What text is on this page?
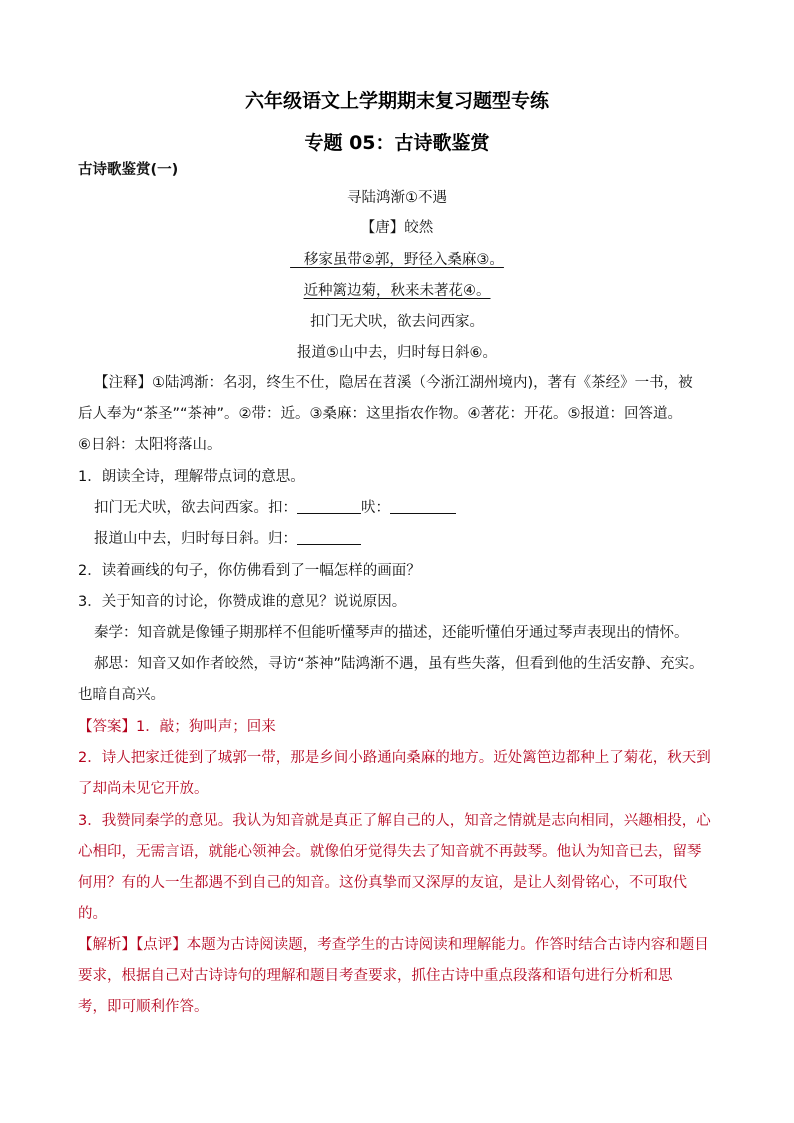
六年级语文上学期期末复习题型专练
专题 05：古诗歌鉴赏
古诗歌鉴赏(一)
寻陆鸿渐①不遇
【唐】皎然
移家虽带②郭，野径入桑麻③。
近种篱边菊，秋来未著花④。
扣门无犬吠，欲去问西家。
报道⑤山中去，归时每日斜⑥。
【注释】①陆鸿渐：名羽，终生不仕，隐居在苕溪（今浙江湖州境内)，著有《茶经》一书，被
后人奉为“茶圣”“茶神”。②带：近。③桑麻：这里指农作物。④著花：开花。⑤报道：回答道。
⑥日斜：太阳将落山。
1．朗读全诗，理解带点词的意思。
扣门无犬吠，欲去问西家。扣：	吠：
报道山中去，归时每日斜。归：
2．读着画线的句子，你仿佛看到了一幅怎样的画面？
3．关于知音的讨论，你赞成谁的意见？说说原因。
秦学：知音就是像锺子期那样不但能听懂琴声的描述，还能听懂伯牙通过琴声表现出的情怀。
郝思：知音又如作者皎然，寻访“茶神”陆鸿渐不遇，虽有些失落，但看到他的生活安静、充实。
也暗自高兴。
【答案】1．敲；狗叫声；回来
2．诗人把家迁徙到了城郭一带，那是乡间小路通向桑麻的地方。近处篱笆边都种上了菊花，秋天到
了却尚未见它开放。
3．我赞同秦学的意见。我认为知音就是真正了解自己的人，知音之情就是志向相同，兴趣相投，心
心相印，无需言语，就能心领神会。就像伯牙觉得失去了知音就不再鼓琴。他认为知音已去，留琴
何用？有的人一生都遇不到自己的知音。这份真挚而又深厚的友谊，是让人刻骨铭心，不可取代
的。
【解析】【点评】本题为古诗阅读题，考查学生的古诗阅读和理解能力。作答时结合古诗内容和题目
要求，根据自己对古诗诗句的理解和题目考查要求，抓住古诗中重点段落和语句进行分析和思
考，即可顺利作答。
